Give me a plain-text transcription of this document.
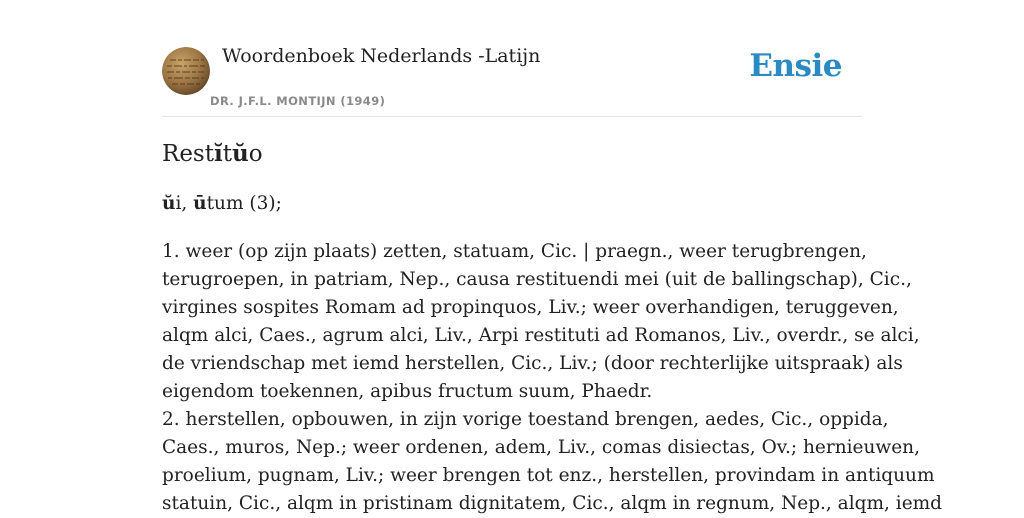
Woordenboek Nederlands -Latijn
DR. J.F.L. MONTIJN (1949)
Ensie
Restĭtŭo
ŭi, ūtum (3);

1. weer (op zijn plaats) zetten, statuam, Cic. | praegn., weer terugbrengen,

terugroepen, in patriam, Nep., causa restituendi mei (uit de ballingschap), Cic.,

virgines sospites Romam ad propinquos, Liv.; weer overhandigen, teruggeven,

alqm alci, Caes., agrum alci, Liv., Arpi restituti ad Romanos, Liv., overdr., se alci,

de vriendschap met iemd herstellen, Cic., Liv.; (door rechterlijke uitspraak) als

eigendom toekennen, apibus fructum suum, Phaedr.

2. herstellen, opbouwen, in zijn vorige toestand brengen, aedes, Cic., oppida,

Caes., muros, Nep.; weer ordenen, adem, Liv., comas disiectas, Ov.; hernieuwen,

proelium, pugnam, Liv.; weer brengen tot enz., herstellen, provindam in antiquum

statuin, Cic., alqm in pristinam dignitatem, Cic., alqm in regnum, Nep., alqm, iemd
